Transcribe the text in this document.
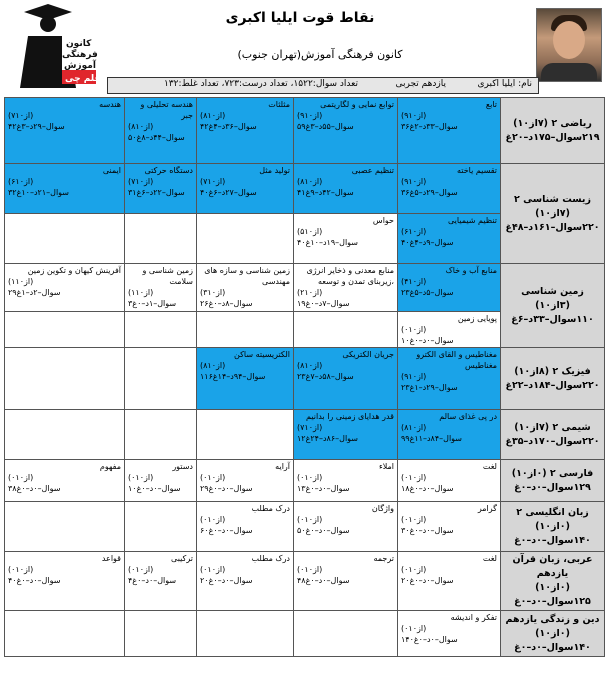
کانون
فرهنگی
آموزش
قلم چی
نقاط قوت ایلیا اکبری
کانون فرهنگی آموزش(تهران جنوب)
نام: ایلیا اکبری
یازدهم تجربی
تعداد سوال:۱۵۲۲، تعداد درست:۷۲۳، تعداد غلط:۱۳۲
ریاضی ۲ (۷از۱۰)
۲۱۹سوال–۱۷۵د–۲۰غ	تابع
(۹از۱۰)
۳۶سوال–۳۳د–۲غ	توابع نمایی و لگاریتمی
(۹از۱۰)
۵۹سوال–۵۵د–۳غ	مثلثات
(۸از۱۰)
۴۲سوال–۳۶د–۴غ	هندسه تحلیلی و جبر
(۸از۱۰)
۵۰سوال–۴۴د–۸غ	هندسه
(۷از۱۰)
۴۲سوال–۲۹د–۳غ

زیست شناسی ۲ (۷از۱۰)
۲۲۰سوال–۱۶۱د–۴۸غ	تقسیم یاخته
(۹از۱۰)
۳۶سوال–۲۹د–۵غ	تنظیم عصبی
(۸از۱۰)
۴۱سوال–۴۲د–۹غ	تولید مثل
(۷از۱۰)
۴۰سوال–۲۷د–۶غ	دستگاه حرکتی
(۷از۱۰)
۳۱سوال–۲۲د–۶غ	ایمنی
(۶از۱۰)
۳۲سوال–۲۱د–۱۰غ

	تنظیم شیمیایی
(۶از۱۰)
۴۰سوال–۹د–۴غ	حواس
(۵از۱۰)
۴۰سوال–۱۹د–۱۰غ			

زمین شناسی (۳از۱۰)
۱۱۰سوال–۳۳د–۶غ	منابع آب و خاک
(۴از۱۰)
۲۳سوال–۵د–۵غ	منابع معدنی و ذخایر انرژی ،زیربنای تمدن و توسعه
(۲از۱۰)
۱۹سوال–۷د–۰غ	زمین شناسی و سازه های مهندسی
(۳از۱۰)
۲۶سوال–۸د–۰غ	زمین شناسی و سلامت
(۱از۱۰)
۳سوال–۱د–۰غ	آفرینش کیهان و تکوین زمین
(۱از۱۰)
۲۹سوال–۲د–۱غ

	پویایی زمین
(۰از۱۰)
۱۰سوال–۰د–۰غ				

فیزیک ۲ (۸از۱۰)
۲۲۰سوال–۱۸۴د–۲۲غ	مغناطیس و القای الکترو مغناطیس
(۹از۱۰)
۲۳سوال–۲۹د–۱غ	جریان الکتریکی
(۸از۱۰)
۲۳سوال–۵۸د–۷غ	الکتریسیته ساکن
(۸از۱۰)
۱۱۶سوال–۹۴د–۱۴غ		

شیمی ۲ (۷از۱۰)
۲۲۰سوال–۱۷۰د–۳۵غ	در پی غذای سالم
(۸از۱۰)
۹۹سوال–۸۴د–۱۱غ	قدر هدایای زمینی را بدانیم
(۷از۱۰)
۱۲سوال–۸۶د–۲۴غ			

فارسی ۲ (۰از۱۰)
۱۲۹سوال–۰د–۰غ	لغت
(۰از۱۰)
۱۸سوال–۰د–۰غ	املاء
(۰از۱۰)
۱۳سوال–۰د–۰غ	آرایه
(۰از۱۰)
۲۹سوال–۰د–۰غ	دستور
(۰از۱۰)
۱۰سوال–۰د–۰غ	مفهوم
(۰از۱۰)
۳۸سوال–۰د–۰غ

زبان انگلیسی ۲ (۰از۱۰)
۱۴۰سوال–۰د–۰غ	گرامر
(۰از۱۰)
۳۰سوال–۰د–۰غ	واژگان
(۰از۱۰)
۵۰سوال–۰د–۰غ	درک مطلب
(۰از۱۰)
۶۰سوال–۰د–۰غ		

عربی، زبان قرآن یازدهم
(۰از۱۰)
۱۲۵سوال–۰د–۰غ	لغت
(۰از۱۰)
۲۰سوال–۰د–۰غ	ترجمه
(۰از۱۰)
۴۸سوال–۰د–۰غ	درک مطلب
(۰از۱۰)
۲۰سوال–۰د–۰غ	ترکیبی
(۰از۱۰)
۴سوال–۰د–۰غ	قواعد
(۰از۱۰)
۴۰سوال–۰د–۰غ

دین و زندگی یازدهم (۰از۱۰)
۱۴۰سوال–۰د–۰غ	تفکر و اندیشه
(۰از۱۰)
۱۴۰سوال–۰د–۰غ				
